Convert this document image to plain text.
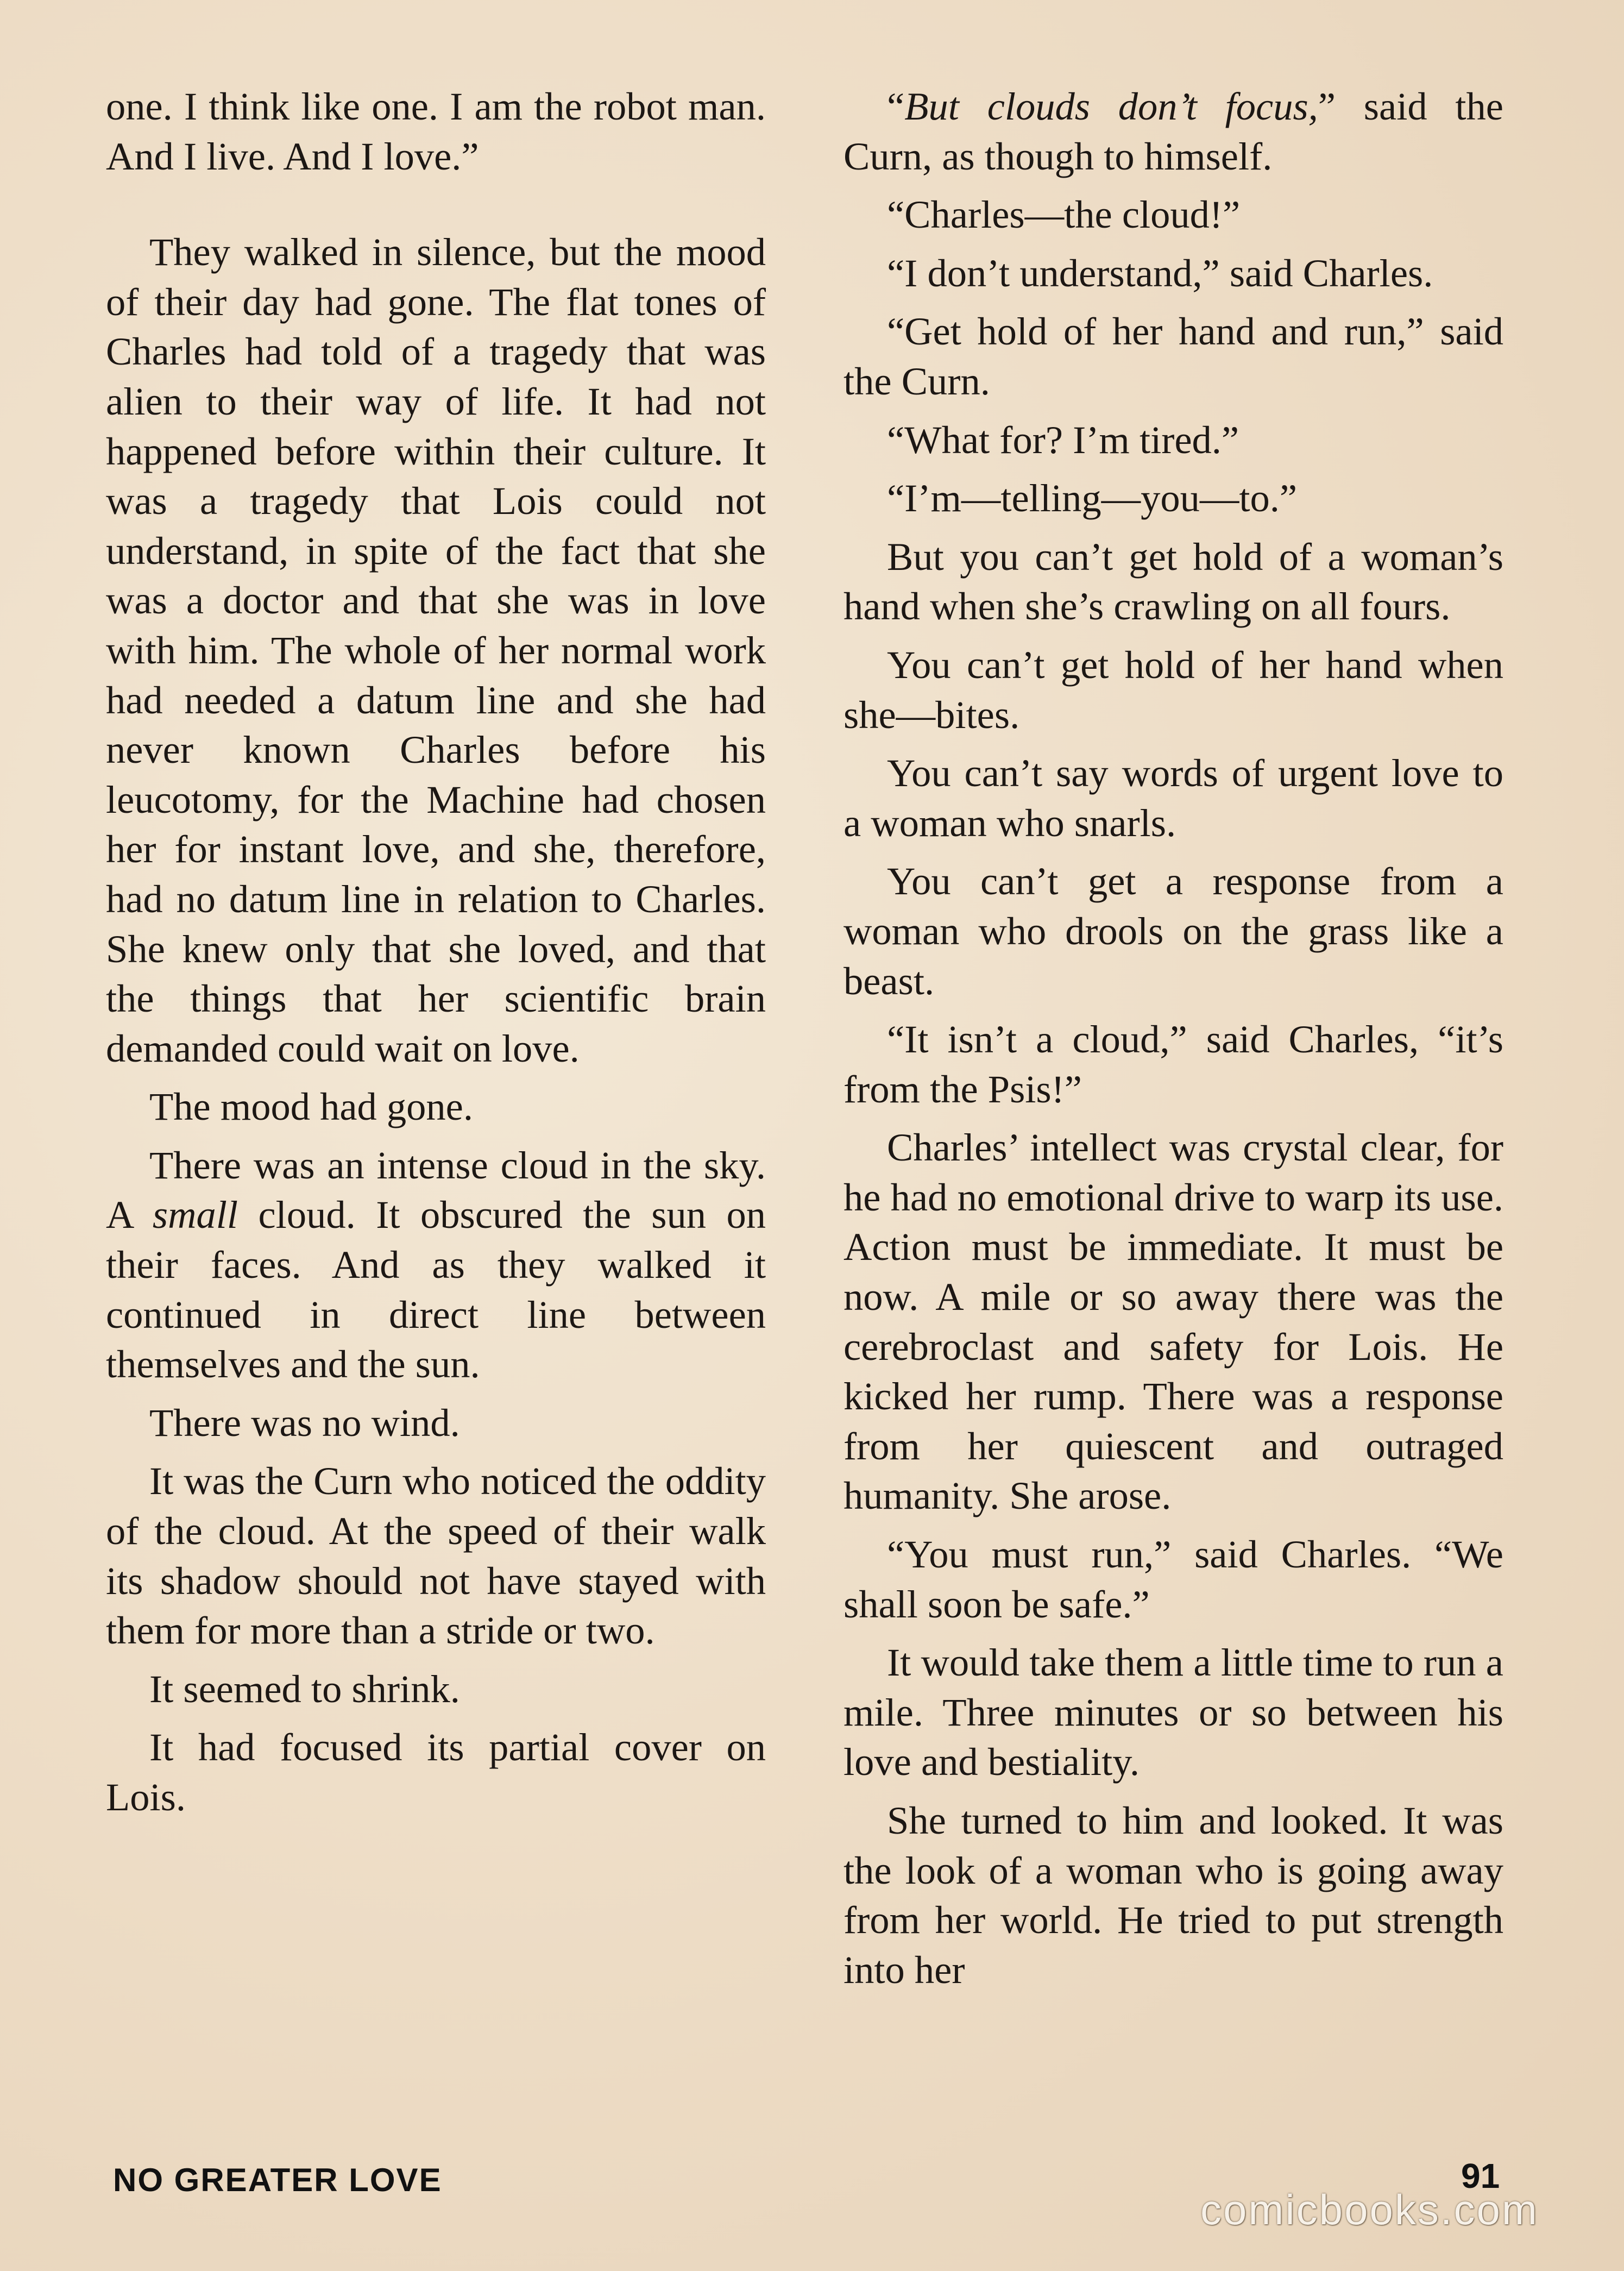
one. I think like one. I am the robot man. And I live. And I love.”

They walked in silence, but the mood of their day had gone. The flat tones of Charles had told of a tragedy that was alien to their way of life. It had not happened before within their culture. It was a tragedy that Lois could not understand, in spite of the fact that she was a doctor and that she was in love with him. The whole of her normal work had needed a datum line and she had never known Charles before his leucotomy, for the Machine had chosen her for instant love, and she, therefore, had no datum line in relation to Charles. She knew only that she loved, and that the things that her scientific brain demanded could wait on love.

The mood had gone.

There was an intense cloud in the sky. A small cloud. It obscured the sun on their faces. And as they walked it continued in direct line between themselves and the sun.

There was no wind.

It was the Curn who noticed the oddity of the cloud. At the speed of their walk its shadow should not have stayed with them for more than a stride or two.

It seemed to shrink.

It had focused its partial cover on Lois.

“But clouds don’t focus,” said the Curn, as though to himself.

“Charles—the cloud!”

“I don’t understand,” said Charles.

“Get hold of her hand and run,” said the Curn.

“What for? I’m tired.”

“I’m—telling—you—to.”

But you can’t get hold of a woman’s hand when she’s crawling on all fours.

You can’t get hold of her hand when she—bites.

You can’t say words of urgent love to a woman who snarls.

You can’t get a response from a woman who drools on the grass like a beast.

“It isn’t a cloud,” said Charles, “it’s from the Psis!”

Charles’ intellect was crystal clear, for he had no emotional drive to warp its use. Action must be immediate. It must be now. A mile or so away there was the cerebroclast and safety for Lois. He kicked her rump. There was a response from her quiescent and outraged humanity. She arose.

“You must run,” said Charles. “We shall soon be safe.”

It would take them a little time to run a mile. Three minutes or so between his love and bestiality.

She turned to him and looked. It was the look of a woman who is going away from her world. He tried to put strength into her

NO GREATER LOVE	91
comicbooks.com
